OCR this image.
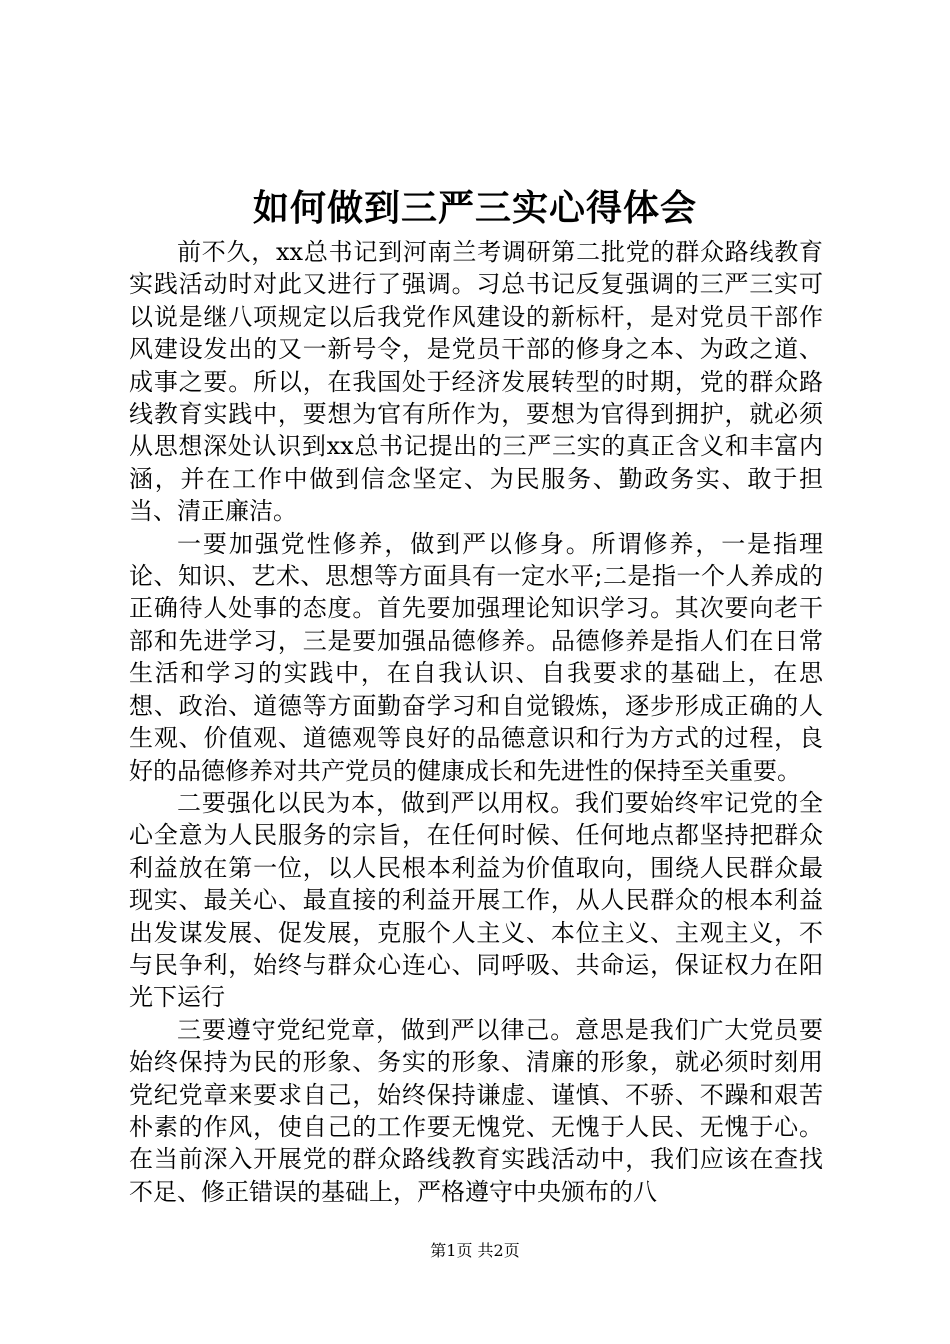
如何做到三严三实心得体会

前不久，xx总书记到河南兰考调研第二批党的群众路线教育实践活动时对此又进行了强调。习总书记反复强调的三严三实可以说是继八项规定以后我党作风建设的新标杆，是对党员干部作风建设发出的又一新号令，是党员干部的修身之本、为政之道、成事之要。所以，在我国处于经济发展转型的时期，党的群众路线教育实践中，要想为官有所作为，要想为官得到拥护，就必须从思想深处认识到xx总书记提出的三严三实的真正含义和丰富内涵，并在工作中做到信念坚定、为民服务、勤政务实、敢于担当、清正廉洁。

一要加强党性修养，做到严以修身。所谓修养，一是指理论、知识、艺术、思想等方面具有一定水平;二是指一个人养成的正确待人处事的态度。首先要加强理论知识学习。其次要向老干部和先进学习，三是要加强品德修养。品德修养是指人们在日常生活和学习的实践中，在自我认识、自我要求的基础上，在思想、政治、道德等方面勤奋学习和自觉锻炼，逐步形成正确的人生观、价值观、道德观等良好的品德意识和行为方式的过程，良好的品德修养对共产党员的健康成长和先进性的保持至关重要。

二要强化以民为本，做到严以用权。我们要始终牢记党的全心全意为人民服务的宗旨，在任何时候、任何地点都坚持把群众利益放在第一位，以人民根本利益为价值取向，围绕人民群众最现实、最关心、最直接的利益开展工作，从人民群众的根本利益出发谋发展、促发展，克服个人主义、本位主义、主观主义，不与民争利，始终与群众心连心、同呼吸、共命运，保证权力在阳光下运行

三要遵守党纪党章，做到严以律己。意思是我们广大党员要始终保持为民的形象、务实的形象、清廉的形象，就必须时刻用党纪党章来要求自己，始终保持谦虚、谨慎、不骄、不躁和艰苦朴素的作风，使自己的工作要无愧党、无愧于人民、无愧于心。在当前深入开展党的群众路线教育实践活动中，我们应该在查找不足、修正错误的基础上，严格遵守中央颁布的八

第1页 共2页
